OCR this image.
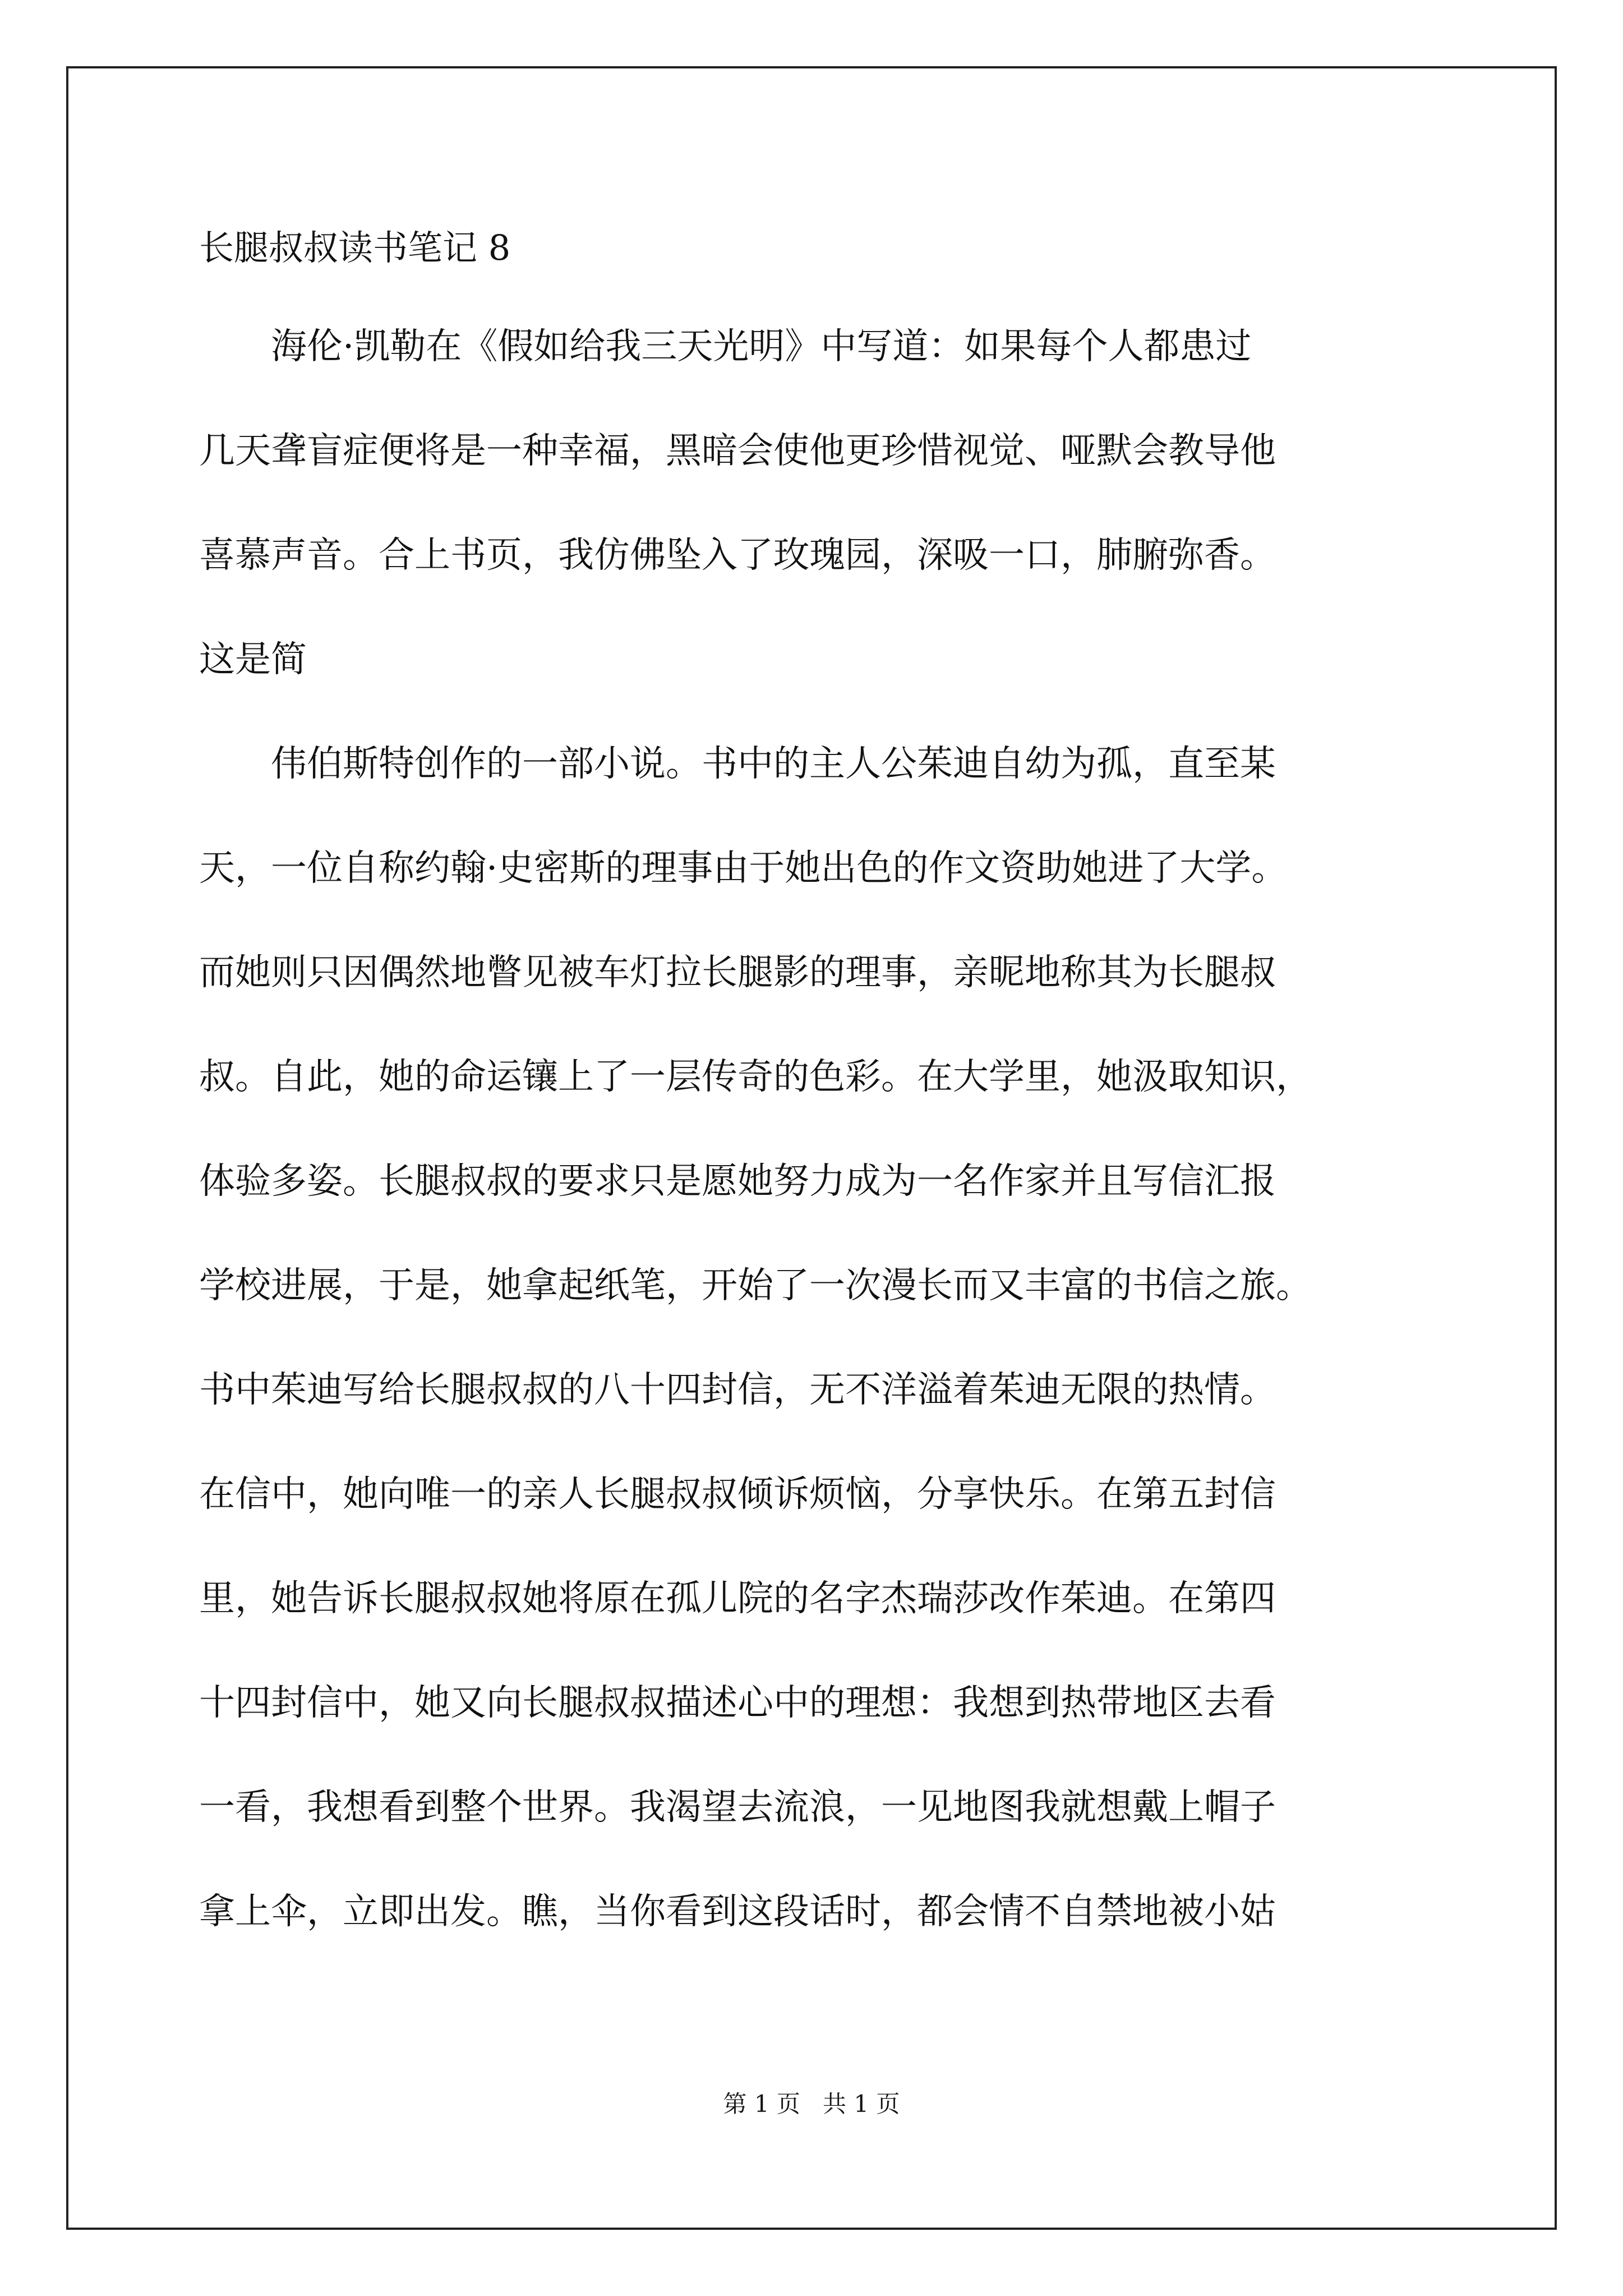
长腿叔叔读书笔记 8
　　海伦·凯勒在《假如给我三天光明》中写道：如果每个人都患过
几天聋盲症便将是一种幸福，黑暗会使他更珍惜视觉、哑默会教导他
喜慕声音。合上书页，我仿佛坠入了玫瑰园，深吸一口，肺腑弥香。
这是简
　　伟伯斯特创作的一部小说。书中的主人公茱迪自幼为孤，直至某
天，一位自称约翰·史密斯的理事由于她出色的作文资助她进了大学。
而她则只因偶然地瞥见被车灯拉长腿影的理事，亲昵地称其为长腿叔
叔。自此，她的命运镶上了一层传奇的色彩。在大学里，她汲取知识，
体验多姿。长腿叔叔的要求只是愿她努力成为一名作家并且写信汇报
学校进展，于是，她拿起纸笔，开始了一次漫长而又丰富的书信之旅。
书中茱迪写给长腿叔叔的八十四封信，无不洋溢着茱迪无限的热情。
在信中，她向唯一的亲人长腿叔叔倾诉烦恼，分享快乐。在第五封信
里，她告诉长腿叔叔她将原在孤儿院的名字杰瑞莎改作茱迪。在第四
十四封信中，她又向长腿叔叔描述心中的理想：我想到热带地区去看
一看，我想看到整个世界。我渴望去流浪，一见地图我就想戴上帽子
拿上伞，立即出发。瞧，当你看到这段话时，都会情不自禁地被小姑
第 1 页 共 1 页
